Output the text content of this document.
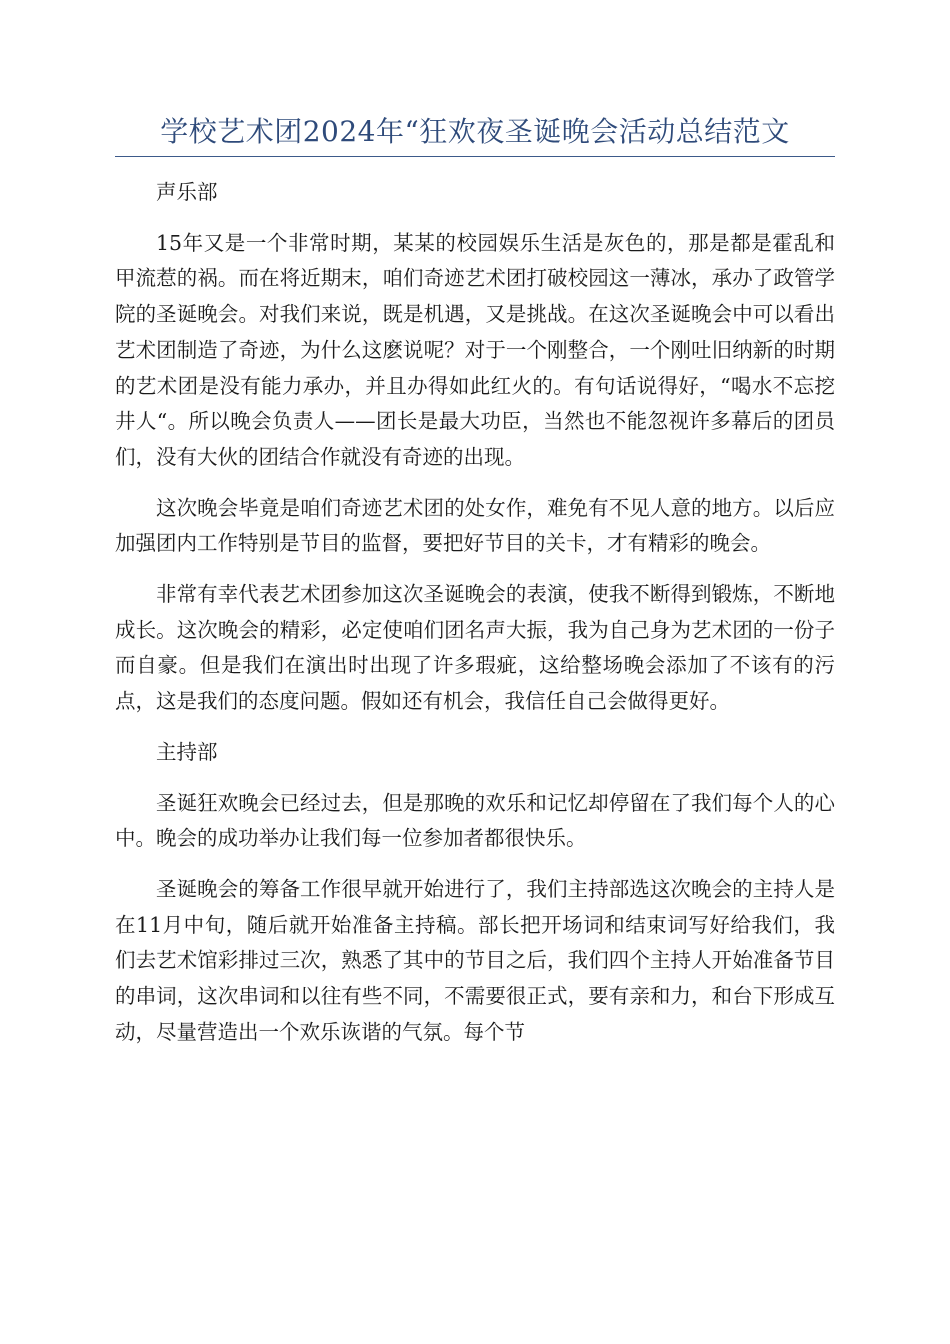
学校艺术团2024年“狂欢夜圣诞晚会活动总结范文

声乐部

15年又是一个非常时期，某某的校园娱乐生活是灰色的，那是都是霍乱和甲流惹的祸。而在将近期末，咱们奇迹艺术团打破校园这一薄冰，承办了政管学院的圣诞晚会。对我们来说，既是机遇，又是挑战。在这次圣诞晚会中可以看出艺术团制造了奇迹，为什么这麽说呢？对于一个刚整合，一个刚吐旧纳新的时期的艺术团是没有能力承办，并且办得如此红火的。有句话说得好，“喝水不忘挖井人“。所以晚会负责人——团长是最大功臣，当然也不能忽视许多幕后的团员们，没有大伙的团结合作就没有奇迹的出现。

这次晚会毕竟是咱们奇迹艺术团的处女作，难免有不见人意的地方。以后应加强团内工作特别是节目的监督，要把好节目的关卡，才有精彩的晚会。

非常有幸代表艺术团参加这次圣诞晚会的表演，使我不断得到锻炼，不断地成长。这次晚会的精彩，必定使咱们团名声大振，我为自己身为艺术团的一份子而自豪。但是我们在演出时出现了许多瑕疵，这给整场晚会添加了不该有的污点，这是我们的态度问题。假如还有机会，我信任自己会做得更好。

主持部

圣诞狂欢晚会已经过去，但是那晚的欢乐和记忆却停留在了我们每个人的心中。晚会的成功举办让我们每一位参加者都很快乐。

圣诞晚会的筹备工作很早就开始进行了，我们主持部选这次晚会的主持人是在11月中旬，随后就开始准备主持稿。部长把开场词和结束词写好给我们，我们去艺术馆彩排过三次，熟悉了其中的节目之后，我们四个主持人开始准备节目的串词，这次串词和以往有些不同，不需要很正式，要有亲和力，和台下形成互动，尽量营造出一个欢乐诙谐的气氛。每个节
